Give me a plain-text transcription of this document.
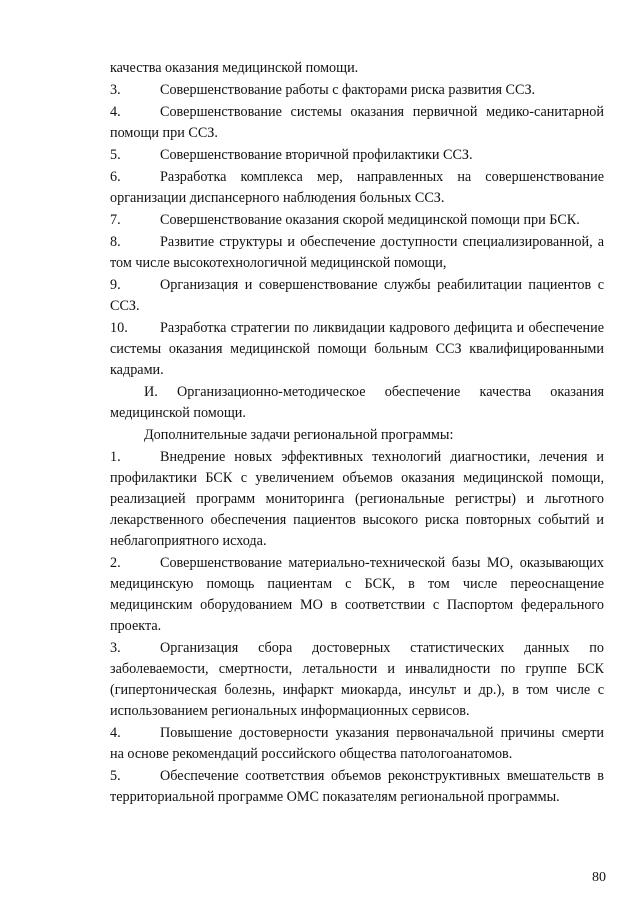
качества оказания медицинской помощи.

3.	Совершенствование работы с факторами риска развития ССЗ.

4.	Совершенствование системы оказания первичной медико-санитарной помощи при ССЗ.

5.	Совершенствование вторичной профилактики ССЗ.

6.	Разработка комплекса мер, направленных на совершенствование организации диспансерного наблюдения больных ССЗ.

7.	Совершенствование оказания скорой медицинской помощи при БСК.

8.	Развитие структуры и обеспечение доступности специализированной, а том числе высокотехнологичной медицинской помощи,

9.	Организация и совершенствование службы реабилитации пациентов с ССЗ.

10. Разработка стратегии по ликвидации кадрового дефицита и обеспечение системы оказания медицинской помощи больным ССЗ квалифицированными кадрами.

И. Организационно-методическое обеспечение качества оказания медицинской помощи.

Дополнительные задачи региональной программы:

1.	Внедрение новых эффективных технологий диагностики, лечения и профилактики БСК с увеличением объемов оказания медицинской помощи, реализацией программ мониторинга (региональные регистры) и льготного лекарственного обеспечения пациентов высокого риска повторных событий и неблагоприятного исхода.

2.	Совершенствование материально-технической базы МО, оказывающих медицинскую помощь пациентам с БСК, в том числе переоснащение медицинским оборудованием МО в соответствии с Паспортом федерального проекта.

3.	Организация сбора достоверных статистических данных по заболеваемости, смертности, летальности и инвалидности по группе БСК (гипертоническая болезнь, инфаркт миокарда, инсульт и др.), в том числе с использованием региональных информационных сервисов.

4.	Повышение достоверности указания первоначальной причины смерти на основе рекомендаций российского общества патологоанатомов.

5.	Обеспечение соответствия объемов реконструктивных вмешательств в территориальной программе ОМС показателям региональной программы.

80
